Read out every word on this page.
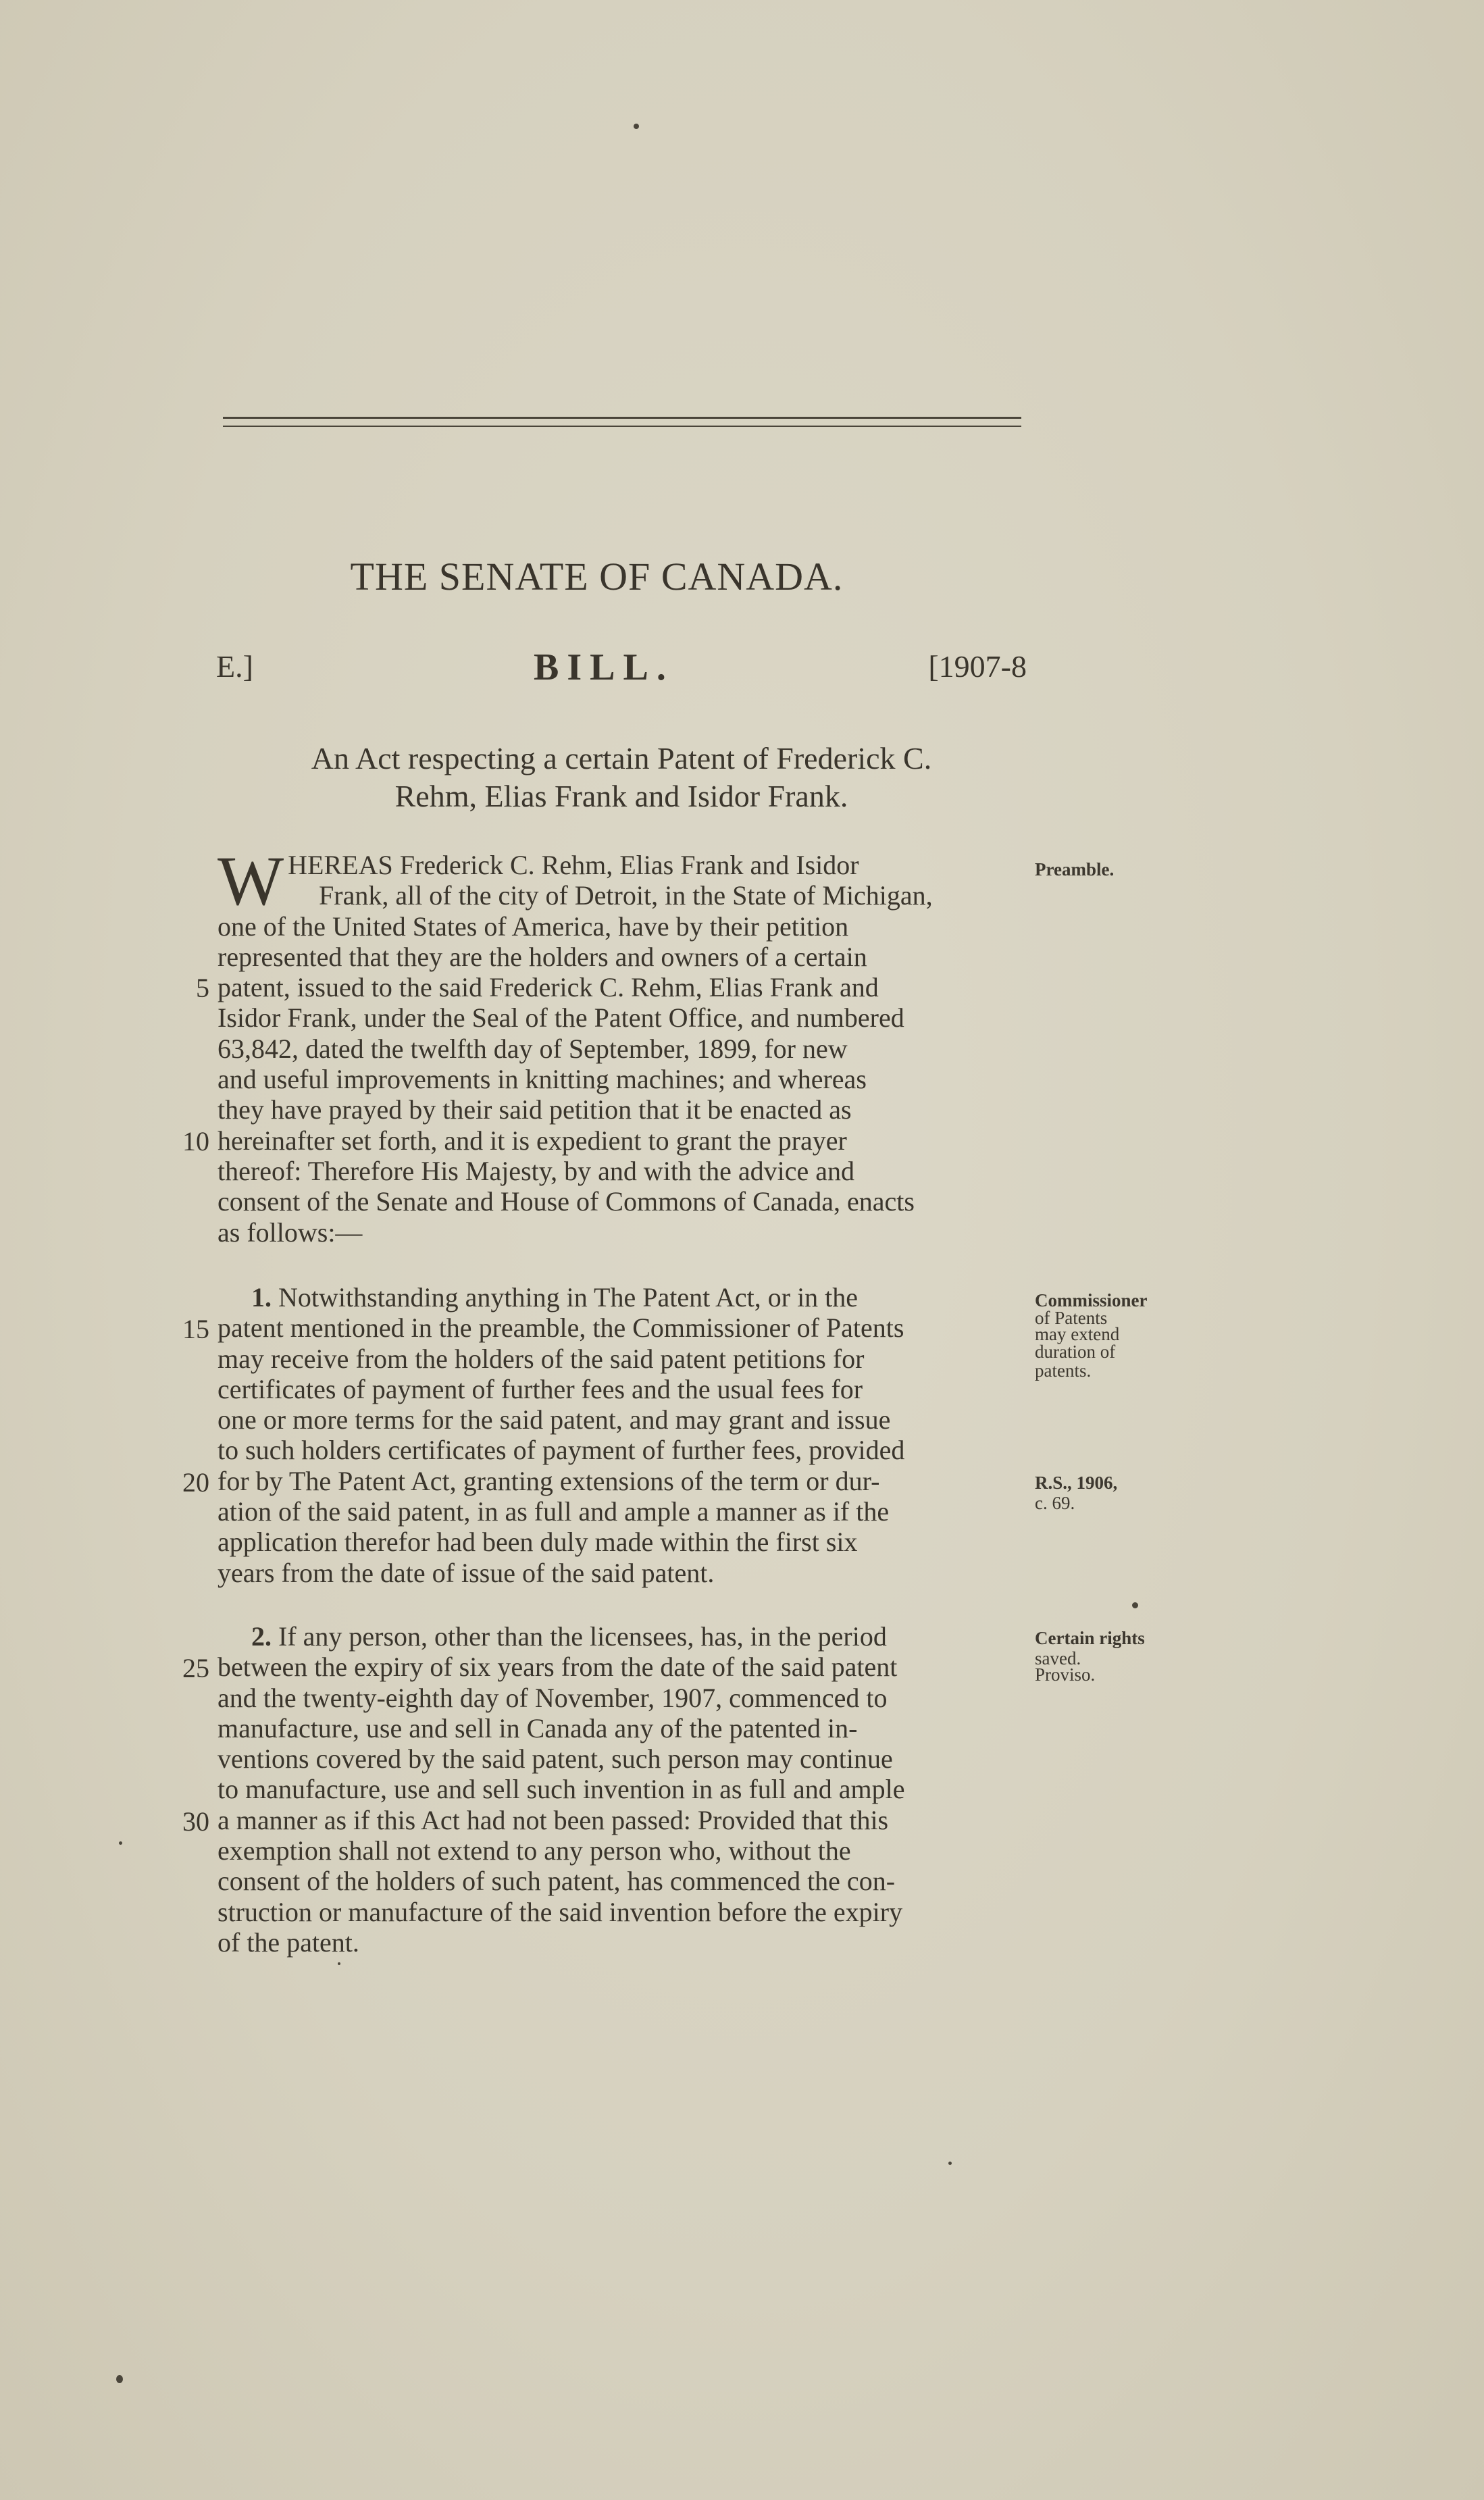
THE SENATE OF CANADA.
E.]	BILL.	[1907-8
An Act respecting a certain Patent of Frederick C.
Rehm, Elias Frank and Isidor Frank.
W HEREAS Frederick C. Rehm, Elias Frank and Isidor
Frank, all of the city of Detroit, in the State of Michigan,
one of the United States of America, have by their petition
represented that they are the holders and owners of a certain
patent, issued to the said Frederick C. Rehm, Elias Frank and
Isidor Frank, under the Seal of the Patent Office, and numbered
63,842, dated the twelfth day of September, 1899, for new
and useful improvements in knitting machines; and whereas
they have prayed by their said petition that it be enacted as
hereinafter set forth, and it is expedient to grant the prayer
thereof: Therefore His Majesty, by and with the advice and
consent of the Senate and House of Commons of Canada, enacts
as follows:—
1. Notwithstanding anything in The Patent Act, or in the
patent mentioned in the preamble, the Commissioner of Patents
may receive from the holders of the said patent petitions for
certificates of payment of further fees and the usual fees for
one or more terms for the said patent, and may grant and issue
to such holders certificates of payment of further fees, provided
for by The Patent Act, granting extensions of the term or dur-
ation of the said patent, in as full and ample a manner as if the
application therefor had been duly made within the first six
years from the date of issue of the said patent.
2. If any person, other than the licensees, has, in the period
between the expiry of six years from the date of the said patent
and the twenty-eighth day of November, 1907, commenced to
manufacture, use and sell in Canada any of the patented in-
ventions covered by the said patent, such person may continue
to manufacture, use and sell such invention in as full and ample
a manner as if this Act had not been passed: Provided that this
exemption shall not extend to any person who, without the
consent of the holders of such patent, has commenced the con-
struction or manufacture of the said invention before the expiry
of the patent.
5
10
15
20
25
30
Preamble.
Commissioner
of Patents
may extend
duration of
patents.
R.S., 1906,
c. 69.
Certain rights
saved.
Proviso.
